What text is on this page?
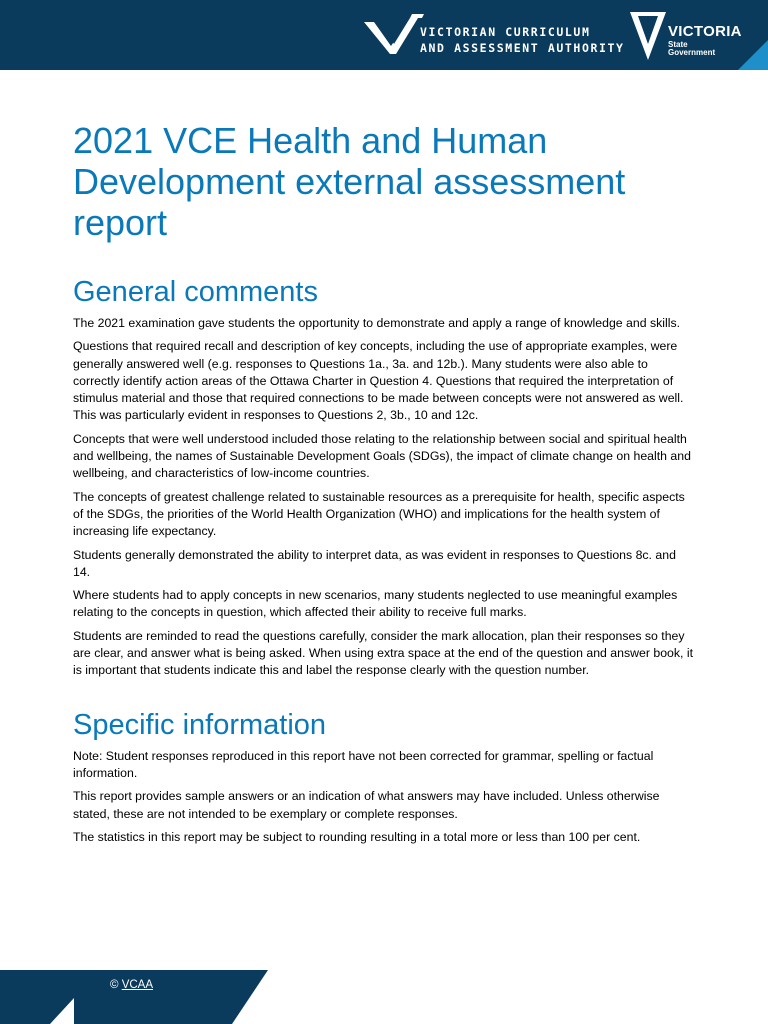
VICTORIAN CURRICULUM
AND ASSESSMENT AUTHORITY
VICTORIA
State
Government
2021 VCE Health and Human Development external assessment report
General comments

The 2021 examination gave students the opportunity to demonstrate and apply a range of knowledge and skills.

Questions that required recall and description of key concepts, including the use of appropriate examples, were generally answered well (e.g. responses to Questions 1a., 3a. and 12b.). Many students were also able to correctly identify action areas of the Ottawa Charter in Question 4. Questions that required the interpretation of stimulus material and those that required connections to be made between concepts were not answered as well. This was particularly evident in responses to Questions 2, 3b., 10 and 12c.

Concepts that were well understood included those relating to the relationship between social and spiritual health and wellbeing, the names of Sustainable Development Goals (SDGs), the impact of climate change on health and wellbeing, and characteristics of low-income countries.

The concepts of greatest challenge related to sustainable resources as a prerequisite for health, specific aspects of the SDGs, the priorities of the World Health Organization (WHO) and implications for the health system of increasing life expectancy.

Students generally demonstrated the ability to interpret data, as was evident in responses to Questions 8c. and 14.

Where students had to apply concepts in new scenarios, many students neglected to use meaningful examples relating to the concepts in question, which affected their ability to receive full marks.

Students are reminded to read the questions carefully, consider the mark allocation, plan their responses so they are clear, and answer what is being asked. When using extra space at the end of the question and answer book, it is important that students indicate this and label the response clearly with the question number.

Specific information

Note: Student responses reproduced in this report have not been corrected for grammar, spelling or factual information.

This report provides sample answers or an indication of what answers may have included. Unless otherwise stated, these are not intended to be exemplary or complete responses.

The statistics in this report may be subject to rounding resulting in a total more or less than 100 per cent.

© VCAA
